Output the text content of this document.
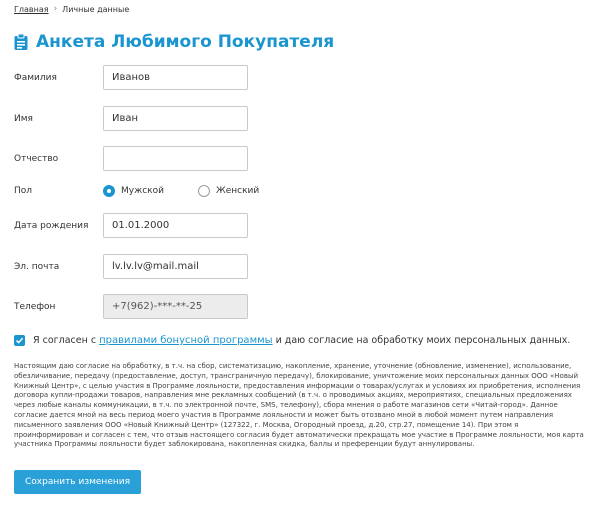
Главная › Личные данные
Анкета Любимого Покупателя
Фамилия	Иванов
Имя	Иван
Отчество
Пол	Мужской	Женский
Дата рождения	01.01.2000
Эл. почта	lv.lv.lv@mail.mail
Телефон	+7(962)-***-**-25
Я согласен с правилами бонусной программы и даю согласие на обработку моих персональных данных.

Настоящим даю согласие на обработку, в т.ч. на сбор, систематизацию, накопление, хранение, уточнение (обновление, изменение), использование, обезличивание, передачу (предоставление, доступ, трансграничную передачу), блокирование, уничтожение моих персональных данных ООО «Новый Книжный Центр», с целью участия в Программе лояльности, предоставления информации о товарах/услугах и условиях их приобретения, исполнения договора купли-продажи товаров, направления мне рекламных сообщений (в т.ч. о проводимых акциях, мероприятиях, специальных предложениях через любые каналы коммуникации, в т.ч. по электронной почте, SMS, телефону), сбора мнения о работе магазинов сети «Читай-город». Данное согласие дается мной на весь период моего участия в Программе лояльности и может быть отозвано мной в любой момент путем направления письменного заявления ООО «Новый Книжный Центр» (127322, г. Москва, Огородный проезд, д.20, стр.27, помещение 14). При этом я проинформирован и согласен с тем, что отзыв настоящего согласия будет автоматически прекращать мое участие в Программе лояльности, моя карта участника Программы лояльности будет заблокирована, накопленная скидка, баллы и преференции будут аннулированы.

Сохранить изменения
